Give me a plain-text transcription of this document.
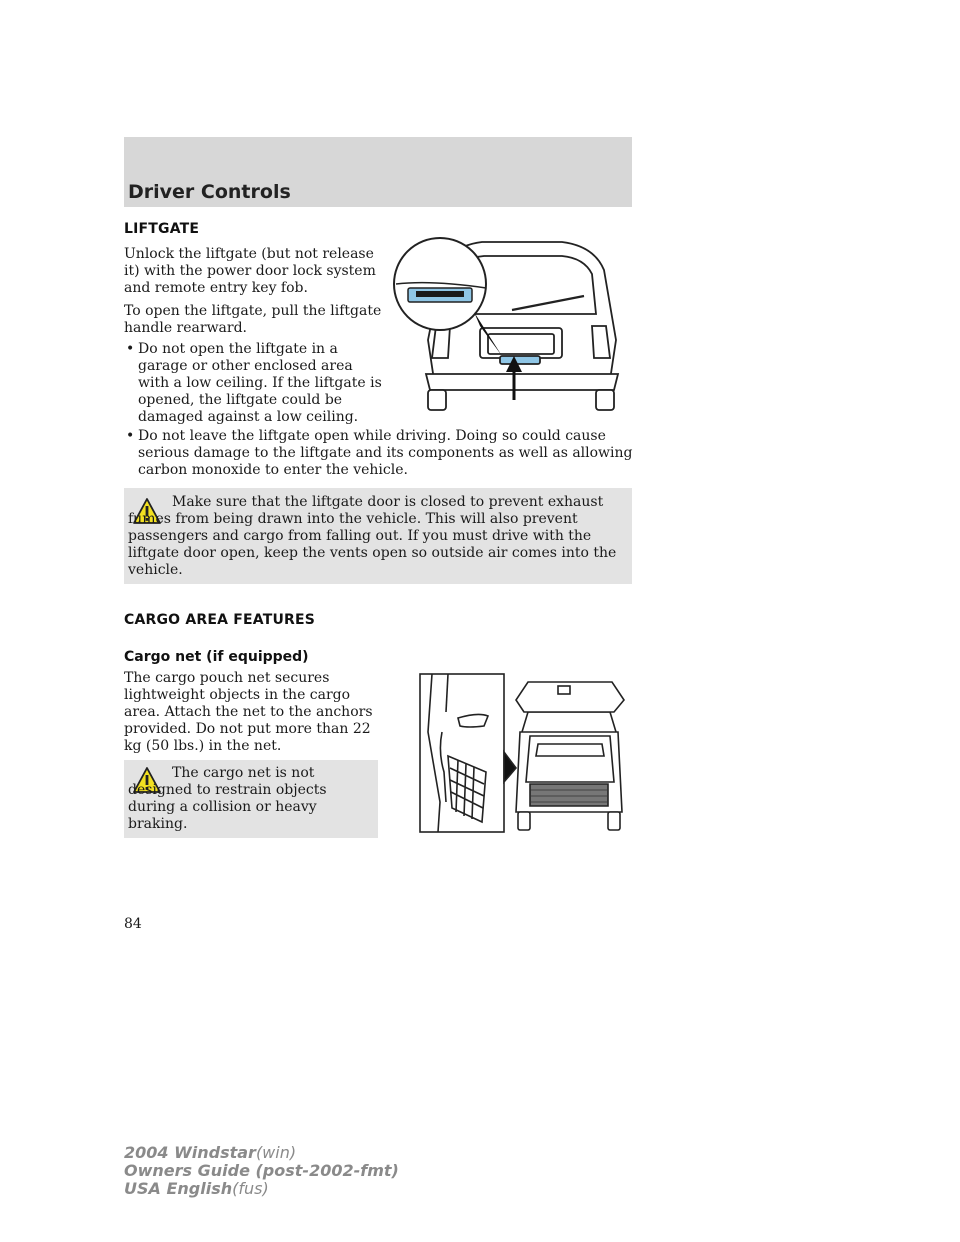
Driver Controls

LIFTGATE

Unlock the liftgate (but not release it) with the power door lock system and remote entry key fob.

To open the liftgate, pull the liftgate handle rearward.

• Do not open the liftgate in a garage or other enclosed area with a low ceiling. If the liftgate is opened, the liftgate could be damaged against a low ceiling.
• Do not leave the liftgate open while driving. Doing so could cause serious damage to the liftgate and its components as well as allowing carbon monoxide to enter the vehicle.
Make sure that the liftgate door is closed to prevent exhaust fumes from being drawn into the vehicle. This will also prevent passengers and cargo from falling out. If you must drive with the liftgate door open, keep the vents open so outside air comes into the vehicle.

CARGO AREA FEATURES

Cargo net (if equipped)

The cargo pouch net secures lightweight objects in the cargo area. Attach the net to the anchors provided. Do not put more than 22 kg (50 lbs.) in the net.

The cargo net is not designed to restrain objects during a collision or heavy braking.
84
2004 Windstar(win)
Owners Guide (post-2002-fmt)
USA English(fus)
